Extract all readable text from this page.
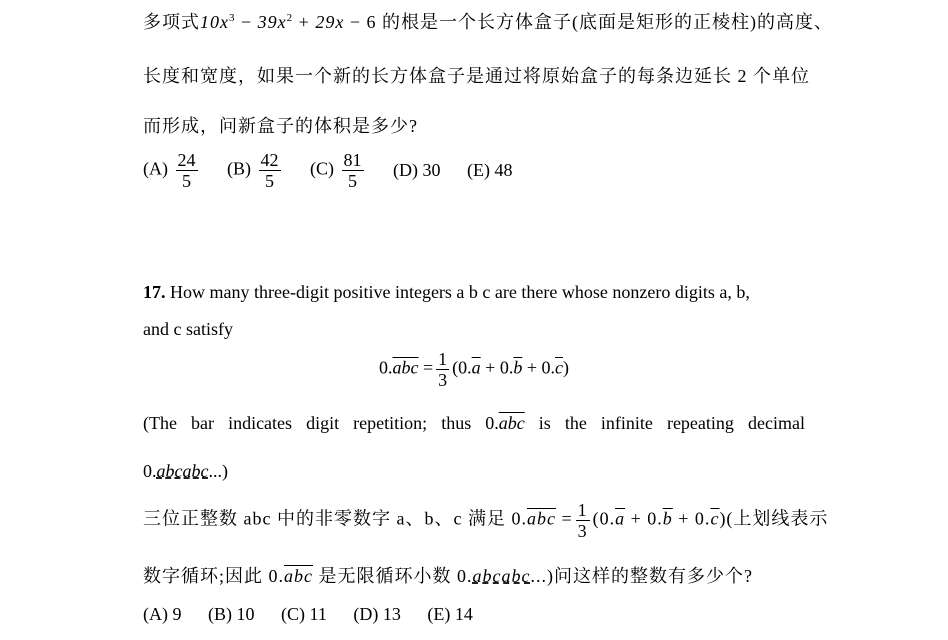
多项式$10x^3 - 39x^2 + 29x - 6$ 的根是一个长方体盒子(底面是矩形的正棱柱)的高度、
长度和宽度，如果一个新的长方体盒子是通过将原始盒子的每条边延长 2 个单位
而形成，问新盒子的体积是多少?
$(A) \frac{24}{5} (B) \frac{42}{5} (C) \frac{81}{5} (D)$ 30 (E) 48
17. How many three-digit positive integers a b c are there whose nonzero digits a, b,
and c satisfy
$0.\overline{abc} = \frac{1}{3} (0.\overline{a} + 0.\overline{b} + 0.\overline{c})$
(The bar indicates digit repetition; thus $0.\overline{abc}$ is the infinite repeating decimal
0.abcabc...)
三位正整数 abc 中的非零数字 a、b、c 满足 $0.\overline{abc} = \frac{1}{3} (0.\overline{a} + 0.\overline{b} + 0.\overline{c})$(上划线表示
数字循环;因此 $0.\overline{abc}$ 是无限循环小数 0.abcabc...)问这样的整数有多少个?
(A) 9 (B) 10 (C) 11 (D) 13 (E) 14
